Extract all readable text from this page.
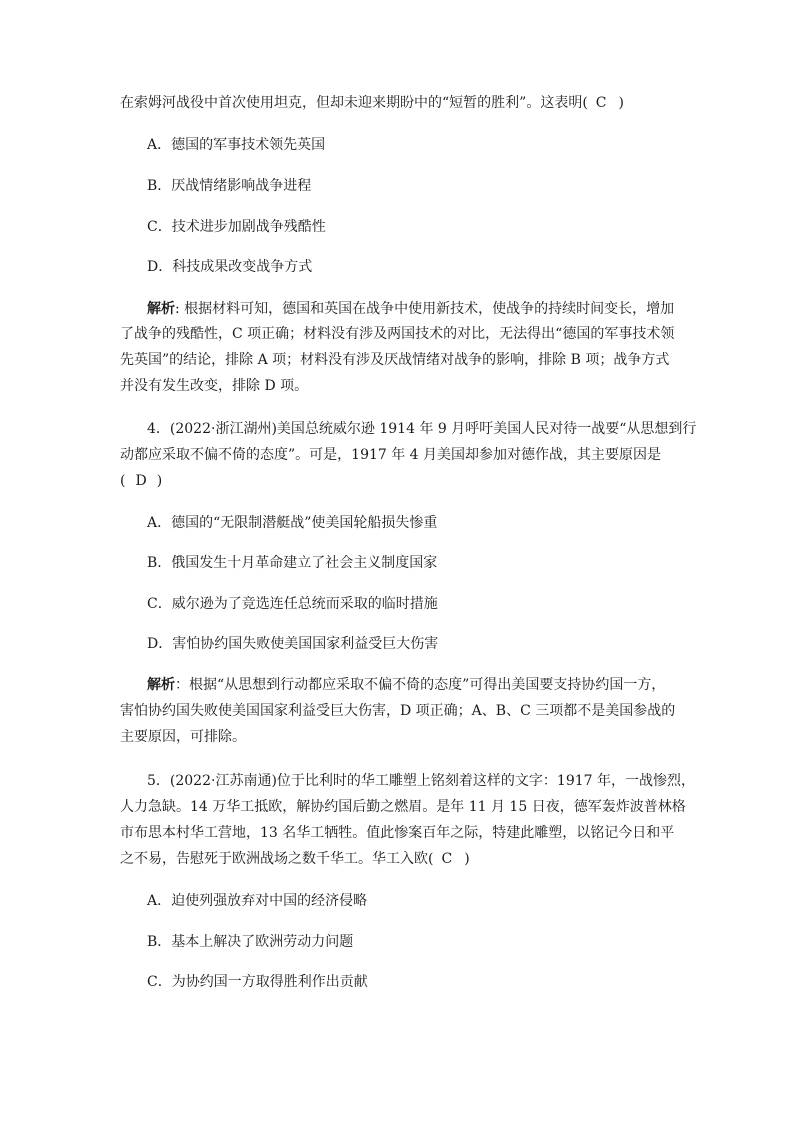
在索姆河战役中首次使用坦克，但却未迎来期盼中的“短暂的胜利”。这表明( C )
A．德国的军事技术领先英国
B．厌战情绪影响战争进程
C．技术进步加剧战争残酷性
D．科技成果改变战争方式
解析: 根据材料可知，德国和英国在战争中使用新技术，使战争的持续时间变长，增加
了战争的残酷性，C 项正确；材料没有涉及两国技术的对比，无法得出“德国的军事技术领
先英国”的结论，排除 A 项；材料没有涉及厌战情绪对战争的影响，排除 B 项；战争方式
并没有发生改变，排除 D 项。
4．(2022·浙江湖州)美国总统威尔逊 1914 年 9 月呼吁美国人民对待一战要“从思想到行
动都应采取不偏不倚的态度”。可是，1917 年 4 月美国却参加对德作战，其主要原因是
( D )
A．德国的“无限制潜艇战”使美国轮船损失惨重
B．俄国发生十月革命建立了社会主义制度国家
C．威尔逊为了竞选连任总统而采取的临时措施
D．害怕协约国失败使美国国家利益受巨大伤害
解析：根据“从思想到行动都应采取不偏不倚的态度”可得出美国要支持协约国一方，
害怕协约国失败使美国国家利益受巨大伤害，D 项正确；A、B、C 三项都不是美国参战的
主要原因，可排除。
5．(2022·江苏南通)位于比利时的华工雕塑上铭刻着这样的文字：1917 年，一战惨烈，
人力急缺。14 万华工抵欧，解协约国后勤之燃眉。是年 11 月 15 日夜，德军轰炸波普林格
市布思本村华工营地，13 名华工牺牲。值此惨案百年之际，特建此雕塑，以铭记今日和平
之不易，告慰死于欧洲战场之数千华工。华工入欧( C )
A．迫使列强放弃对中国的经济侵略
B．基本上解决了欧洲劳动力问题
C．为协约国一方取得胜利作出贡献
